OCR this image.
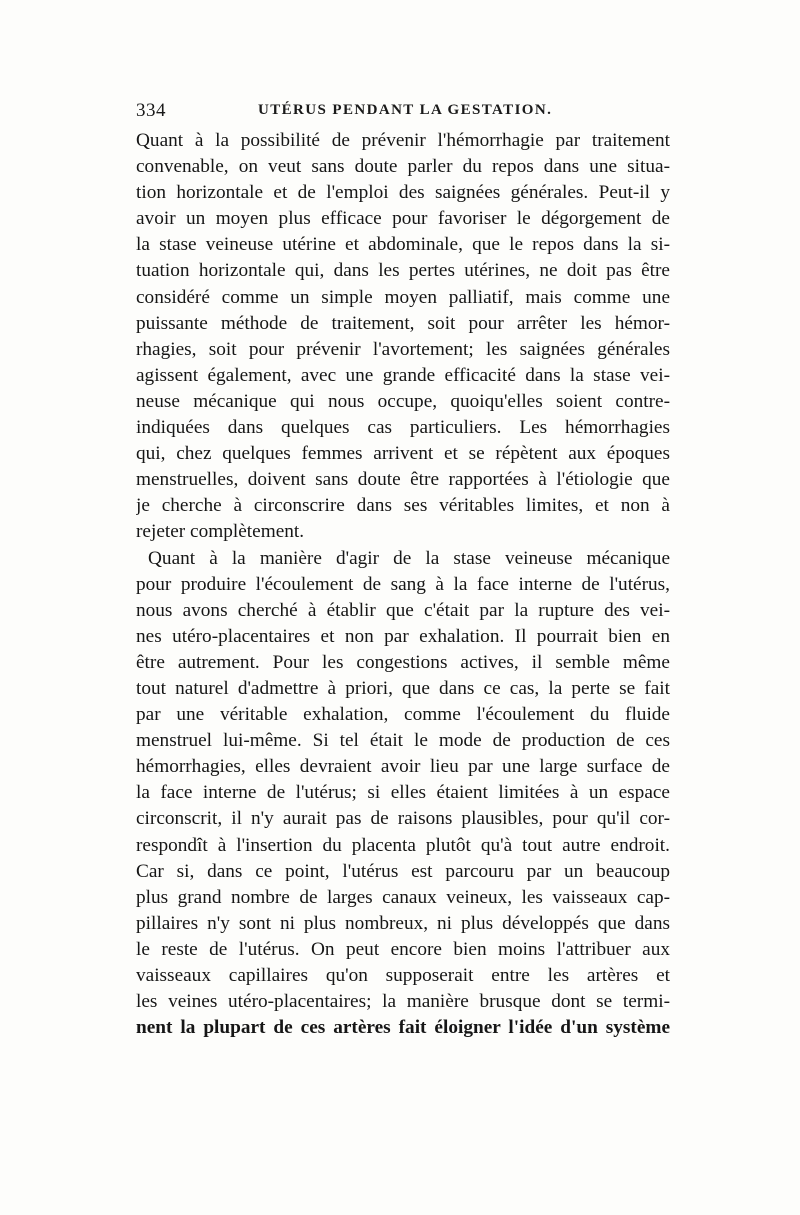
334	UTÉRUS PENDANT LA GESTATION.
Quant à la possibilité de prévenir l'hémorrhagie par traitement
convenable, on veut sans doute parler du repos dans une situa-
tion horizontale et de l'emploi des saignées générales. Peut-il y
avoir un moyen plus efficace pour favoriser le dégorgement de
la stase veineuse utérine et abdominale, que le repos dans la si-
tuation horizontale qui, dans les pertes utérines, ne doit pas être
considéré comme un simple moyen palliatif, mais comme une
puissante méthode de traitement, soit pour arrêter les hémor-
rhagies, soit pour prévenir l'avortement; les saignées générales
agissent également, avec une grande efficacité dans la stase vei-
neuse mécanique qui nous occupe, quoiqu'elles soient contre-
indiquées dans quelques cas particuliers. Les hémorrhagies
qui, chez quelques femmes arrivent et se répètent aux époques
menstruelles, doivent sans doute être rapportées à l'étiologie que
je cherche à circonscrire dans ses véritables limites, et non à
rejeter complètement.
Quant à la manière d'agir de la stase veineuse mécanique
pour produire l'écoulement de sang à la face interne de l'utérus,
nous avons cherché à établir que c'était par la rupture des vei-
nes utéro-placentaires et non par exhalation. Il pourrait bien en
être autrement. Pour les congestions actives, il semble même
tout naturel d'admettre à priori, que dans ce cas, la perte se fait
par une véritable exhalation, comme l'écoulement du fluide
menstruel lui-même. Si tel était le mode de production de ces
hémorrhagies, elles devraient avoir lieu par une large surface de
la face interne de l'utérus; si elles étaient limitées à un espace
circonscrit, il n'y aurait pas de raisons plausibles, pour qu'il cor-
respondît à l'insertion du placenta plutôt qu'à tout autre endroit.
Car si, dans ce point, l'utérus est parcouru par un beaucoup
plus grand nombre de larges canaux veineux, les vaisseaux cap-
pillaires n'y sont ni plus nombreux, ni plus développés que dans
le reste de l'utérus. On peut encore bien moins l'attribuer aux
vaisseaux capillaires qu'on supposerait entre les artères et
les veines utéro-placentaires; la manière brusque dont se termi-
nent la plupart de ces artères fait éloigner l'idée d'un système
